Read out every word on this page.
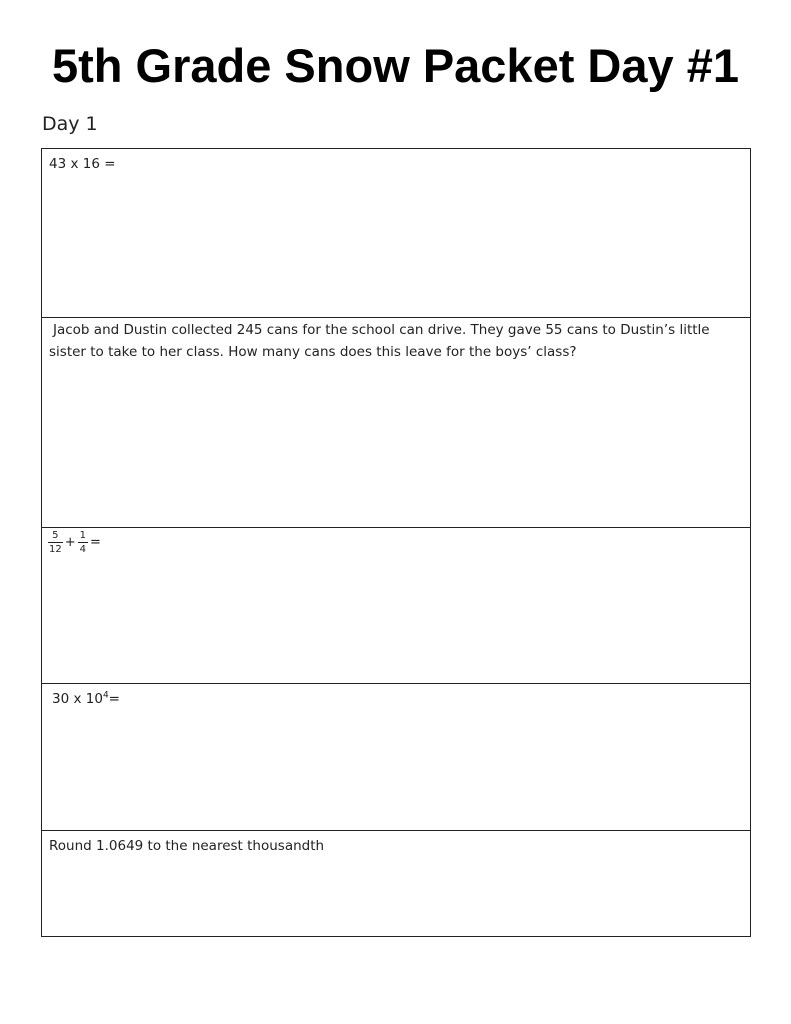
5th Grade Snow Packet Day #1
Day 1
43 x 16 =
Jacob and Dustin collected 245 cans for the school can drive. They gave 55 cans to Dustin’s little sister to take to her class. How many cans does this leave for the boys’ class?
$\frac{5}{12} + \frac{1}{4}$ =
30 x $10^4=$
Round 1.0649 to the nearest thousandth
